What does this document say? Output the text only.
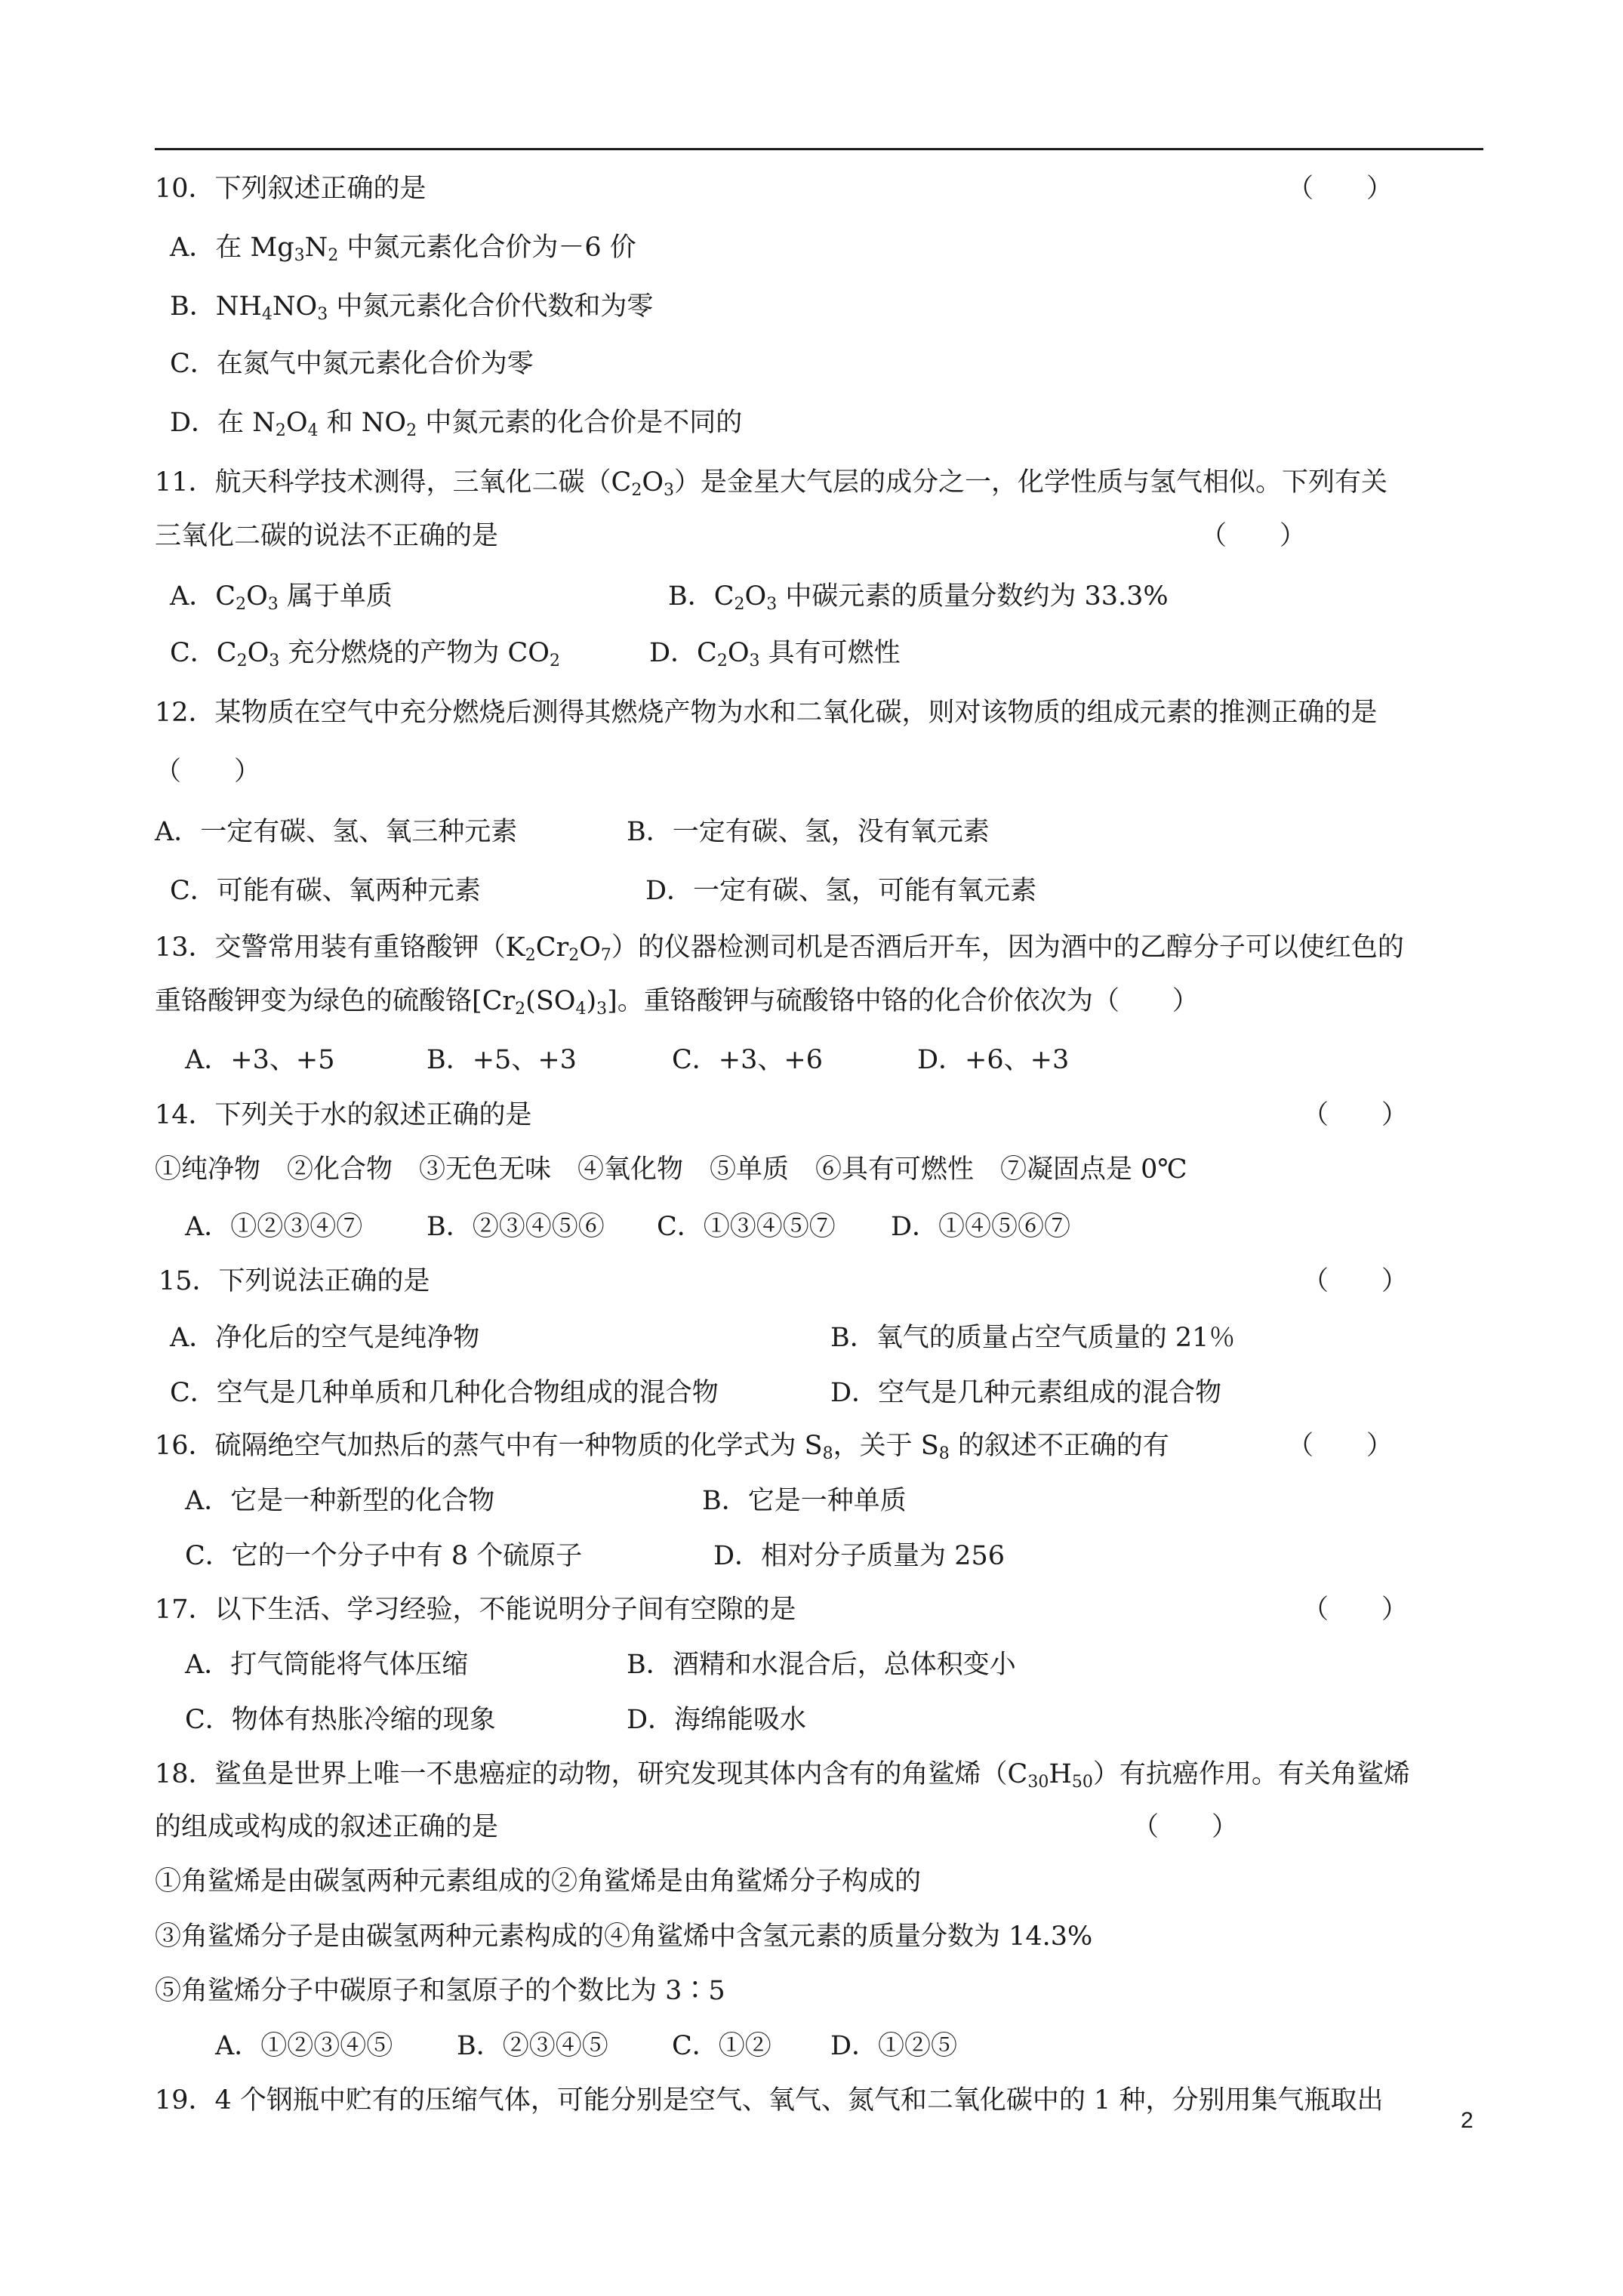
10．下列叙述正确的是	（　　）
A．在 $Mg_3N_2$ 中氮元素化合价为－6 价
B．$NH_4NO_3$ 中氮元素化合价代数和为零
C．在氮气中氮元素化合价为零
D．在 $N_2O_4$ 和 $NO_2$ 中氮元素的化合价是不同的
11．航天科学技术测得，三氧化二碳$(C_2O_3)$是金星大气层的成分之一，化学性质与氢气相似。下列有关
三氧化二碳的说法不正确的是	（　　）
A．$C_2O_3$ 属于单质	B．$C_2O_3$ 中碳元素的质量分数约为 33.3%
C．$C_2O_3$ 充分燃烧的产物为 $CO_2$	D．$C_2O_3$ 具有可燃性
12．某物质在空气中充分燃烧后测得其燃烧产物为水和二氧化碳，则对该物质的组成元素的推测正确的是
（　　）
A．一定有碳、氢、氧三种元素	B．一定有碳、氢，没有氧元素
C．可能有碳、氧两种元素	D．一定有碳、氢，可能有氧元素
13．交警常用装有重铬酸钾$(K_2Cr_2O_7)$的仪器检测司机是否酒后开车，因为酒中的乙醇分子可以使红色的
重铬酸钾变为绿色的硫酸铬$[Cr_2(SO_4)_3]$。重铬酸钾与硫酸铬中铬的化合价依次为（　　）
A．+3、+5	B．+5、+3	C．+3、+6	D．+6、+3
14．下列关于水的叙述正确的是	（　　）
①纯净物　②化合物　③无色无味　④氧化物　⑤单质　⑥具有可燃性　⑦凝固点是 0℃
A．①②③④⑦ B．②③④⑤⑥ C．①③④⑤⑦ D．①④⑤⑥⑦
15．下列说法正确的是	（　　）
A．净化后的空气是纯净物	B．氧气的质量占空气质量的 21％
C．空气是几种单质和几种化合物组成的混合物	D．空气是几种元素组成的混合物
16．硫隔绝空气加热后的蒸气中有一种物质的化学式为 $S_8$，关于 $S_8$ 的叙述不正确的有	（　　）
A．它是一种新型的化合物	B．它是一种单质
C．它的一个分子中有 8 个硫原子	D．相对分子质量为 256
17．以下生活、学习经验，不能说明分子间有空隙的是	（　　）
A．打气筒能将气体压缩	B．酒精和水混合后，总体积变小
C．物体有热胀冷缩的现象	D．海绵能吸水
18．鲨鱼是世界上唯一不患癌症的动物，研究发现其体内含有的角鲨烯$(C_{30}H_{50})$有抗癌作用。有关角鲨烯
的组成或构成的叙述正确的是	（　　）
①角鲨烯是由碳氢两种元素组成的②角鲨烯是由角鲨烯分子构成的
③角鲨烯分子是由碳氢两种元素构成的④角鲨烯中含氢元素的质量分数为 14.3%
⑤角鲨烯分子中碳原子和氢原子的个数比为 3∶5
A．①②③④⑤ B．②③④⑤ C．①② D．①②⑤
19．4 个钢瓶中贮有的压缩气体，可能分别是空气、氧气、氮气和二氧化碳中的 1 种，分别用集气瓶取出
2
